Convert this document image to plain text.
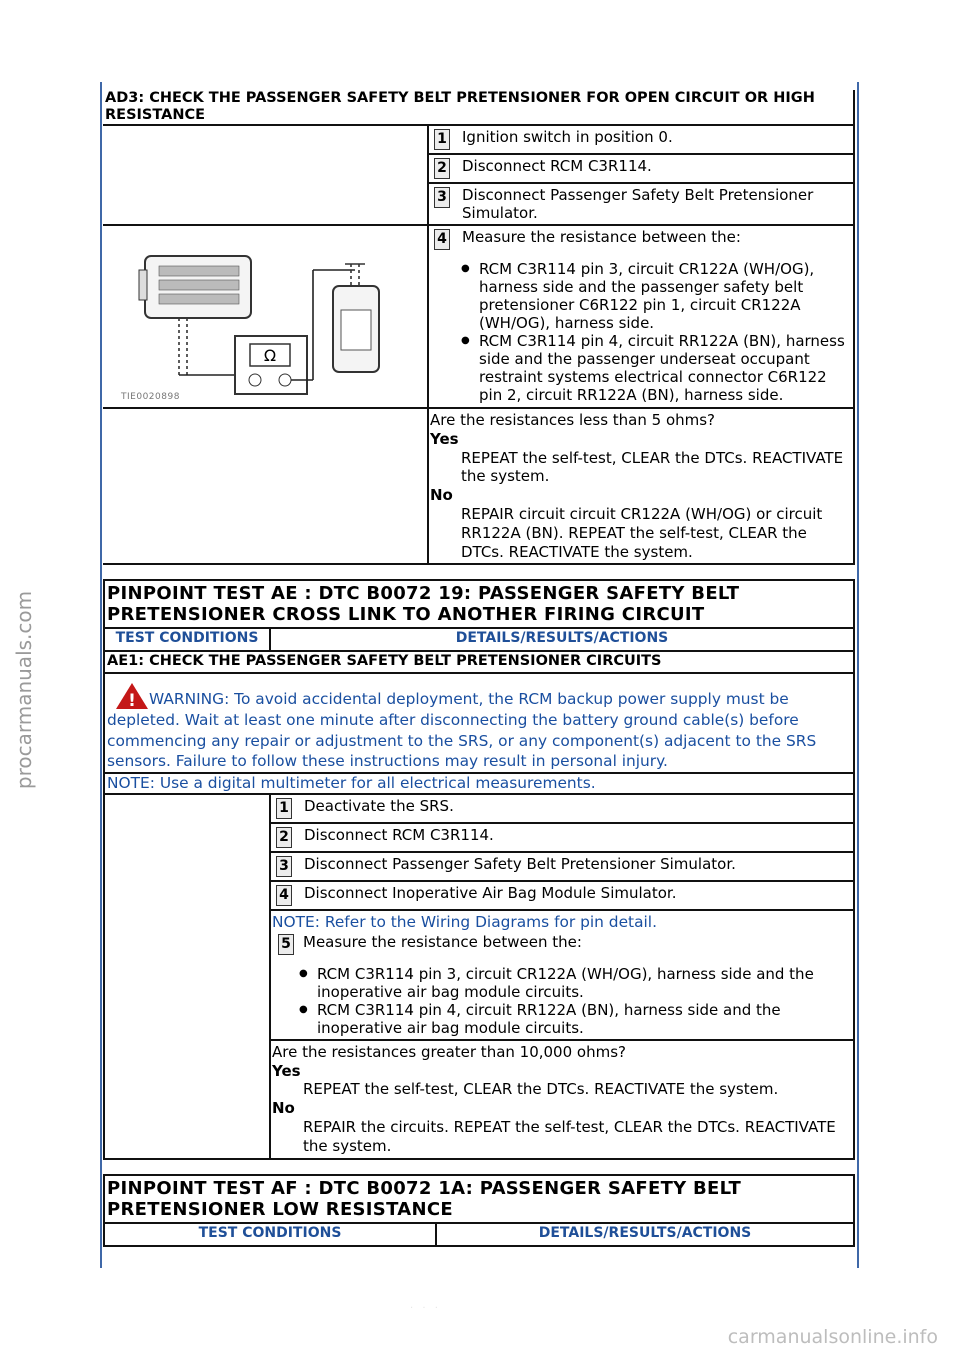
procarmanuals.com
carmanualsonline.info
. . .
AD3: CHECK THE PASSENGER SAFETY BELT PRETENSIONER FOR OPEN CIRCUIT OR HIGH RESISTANCE
1 Ignition switch in position 0.
2 Disconnect RCM C3R114.
3 Disconnect Passenger Safety Belt Pretensioner Simulator.
Ω
TIE0020898
4 Measure the resistance between the:
● RCM C3R114 pin 3, circuit CR122A (WH/OG), harness side and the passenger safety belt pretensioner C6R122 pin 1, circuit CR122A (WH/OG), harness side.
● RCM C3R114 pin 4, circuit RR122A (BN), harness side and the passenger underseat occupant restraint systems electrical connector C6R122 pin 2, circuit RR122A (BN), harness side.
Are the resistances less than 5 ohms?
Yes
REPEAT the self-test, CLEAR the DTCs. REACTIVATE the system.
No
REPAIR circuit circuit CR122A (WH/OG) or circuit RR122A (BN). REPEAT the self-test, CLEAR the DTCs. REACTIVATE the system.
PINPOINT TEST AE : DTC B0072 19: PASSENGER SAFETY BELT PRETENSIONER CROSS LINK TO ANOTHER FIRING CIRCUIT
TEST CONDITIONS	DETAILS/RESULTS/ACTIONS
AE1: CHECK THE PASSENGER SAFETY BELT PRETENSIONER CIRCUITS
! WARNING: To avoid accidental deployment, the RCM backup power supply must be depleted. Wait at least one minute after disconnecting the battery ground cable(s) before commencing any repair or adjustment to the SRS, or any component(s) adjacent to the SRS sensors. Failure to follow these instructions may result in personal injury.
NOTE: Use a digital multimeter for all electrical measurements.
1 Deactivate the SRS.
2 Disconnect RCM C3R114.
3 Disconnect Passenger Safety Belt Pretensioner Simulator.
4 Disconnect Inoperative Air Bag Module Simulator.
NOTE: Refer to the Wiring Diagrams for pin detail.
5 Measure the resistance between the:
● RCM C3R114 pin 3, circuit CR122A (WH/OG), harness side and the inoperative air bag module circuits.
● RCM C3R114 pin 4, circuit RR122A (BN), harness side and the inoperative air bag module circuits.
Are the resistances greater than 10,000 ohms?
Yes
REPEAT the self-test, CLEAR the DTCs. REACTIVATE the system.
No
REPAIR the circuits. REPEAT the self-test, CLEAR the DTCs. REACTIVATE the system.
PINPOINT TEST AF : DTC B0072 1A: PASSENGER SAFETY BELT PRETENSIONER LOW RESISTANCE
TEST CONDITIONS	DETAILS/RESULTS/ACTIONS
